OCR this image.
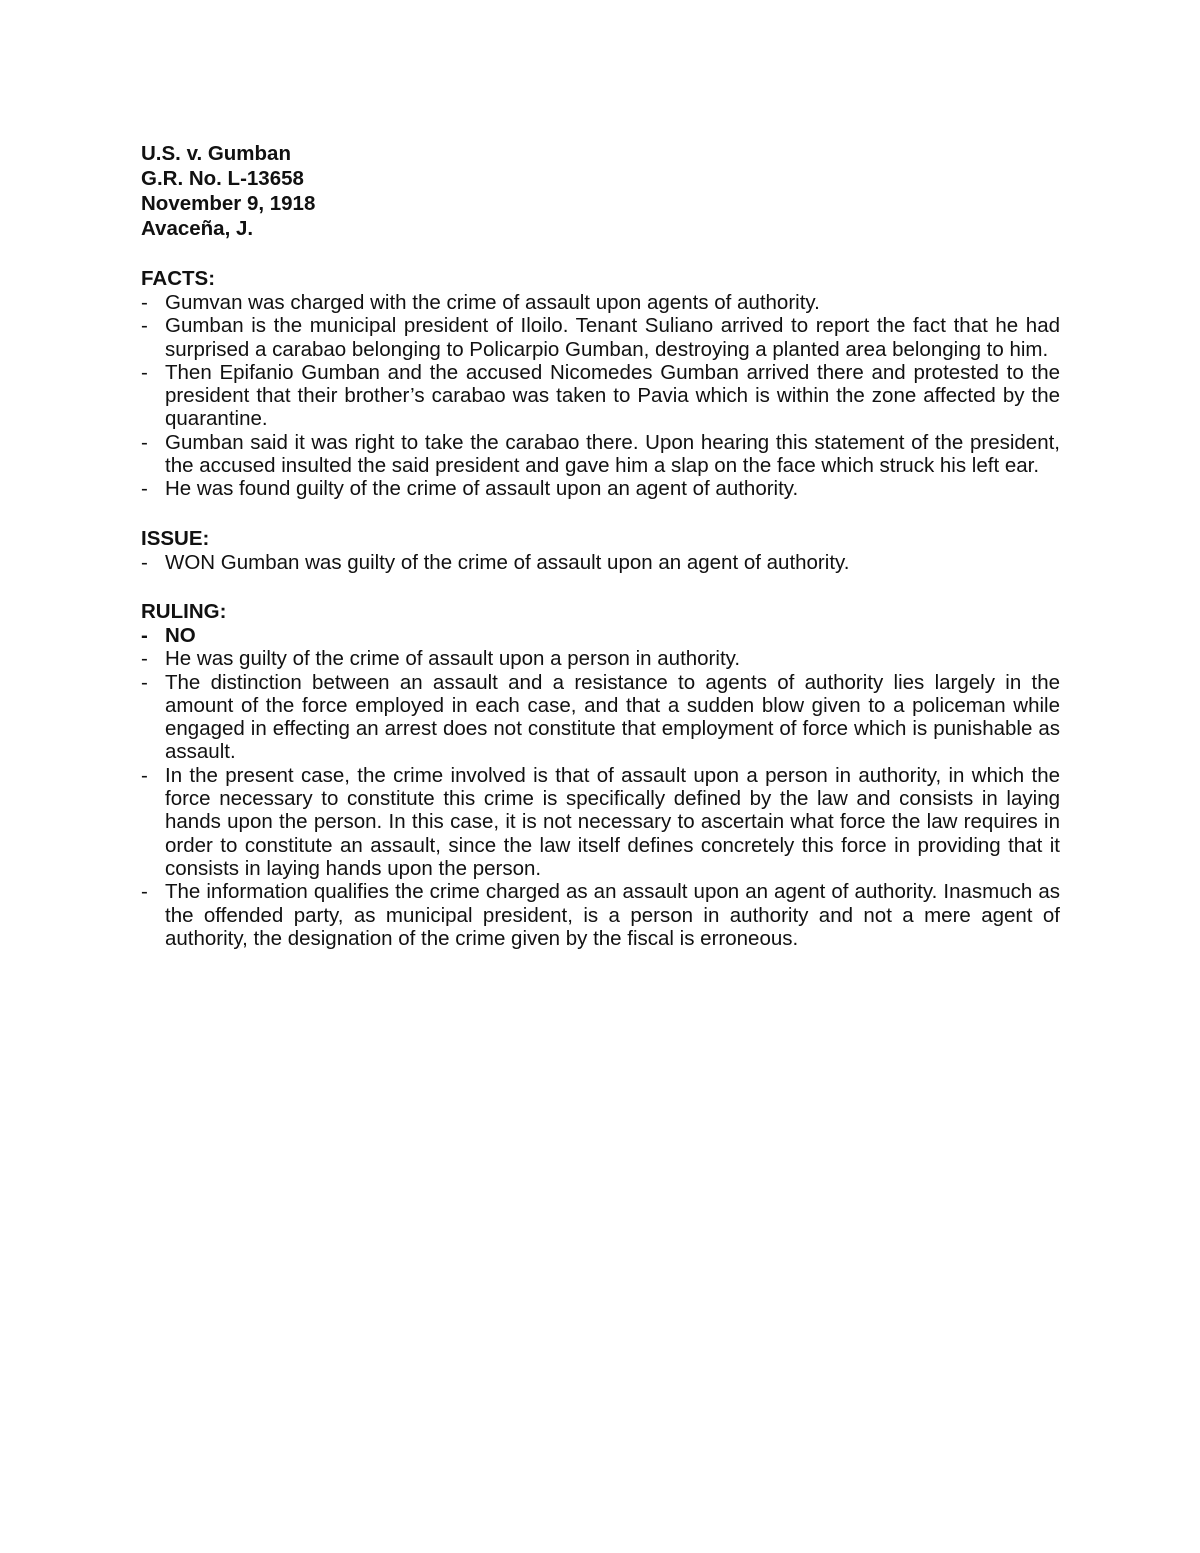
U.S. v. Gumban

G.R. No. L-13658

November 9, 1918

Avaceña, J.

FACTS:

- Gumvan was charged with the crime of assault upon agents of authority.
- Gumban is the municipal president of Iloilo. Tenant Suliano arrived to report the fact that he had surprised a carabao belonging to Policarpio Gumban, destroying a planted area belonging to him.
- Then Epifanio Gumban and the accused Nicomedes Gumban arrived there and protested to the president that their brother’s carabao was taken to Pavia which is within the zone affected by the quarantine.
- Gumban said it was right to take the carabao there. Upon hearing this statement of the president, the accused insulted the said president and gave him a slap on the face which struck his left ear.
- He was found guilty of the crime of assault upon an agent of authority.

ISSUE:

- WON Gumban was guilty of the crime of assault upon an agent of authority.

RULING:

- NO
- He was guilty of the crime of assault upon a person in authority.
- The distinction between an assault and a resistance to agents of authority lies largely in the amount of the force employed in each case, and that a sudden blow given to a policeman while engaged in effecting an arrest does not constitute that employment of force which is punishable as assault.
- In the present case, the crime involved is that of assault upon a person in authority, in which the force necessary to constitute this crime is specifically defined by the law and consists in laying hands upon the person. In this case, it is not necessary to ascertain what force the law requires in order to constitute an assault, since the law itself defines concretely this force in providing that it consists in laying hands upon the person.
- The information qualifies the crime charged as an assault upon an agent of authority. Inasmuch as the offended party, as municipal president, is a person in authority and not a mere agent of authority, the designation of the crime given by the fiscal is erroneous.
